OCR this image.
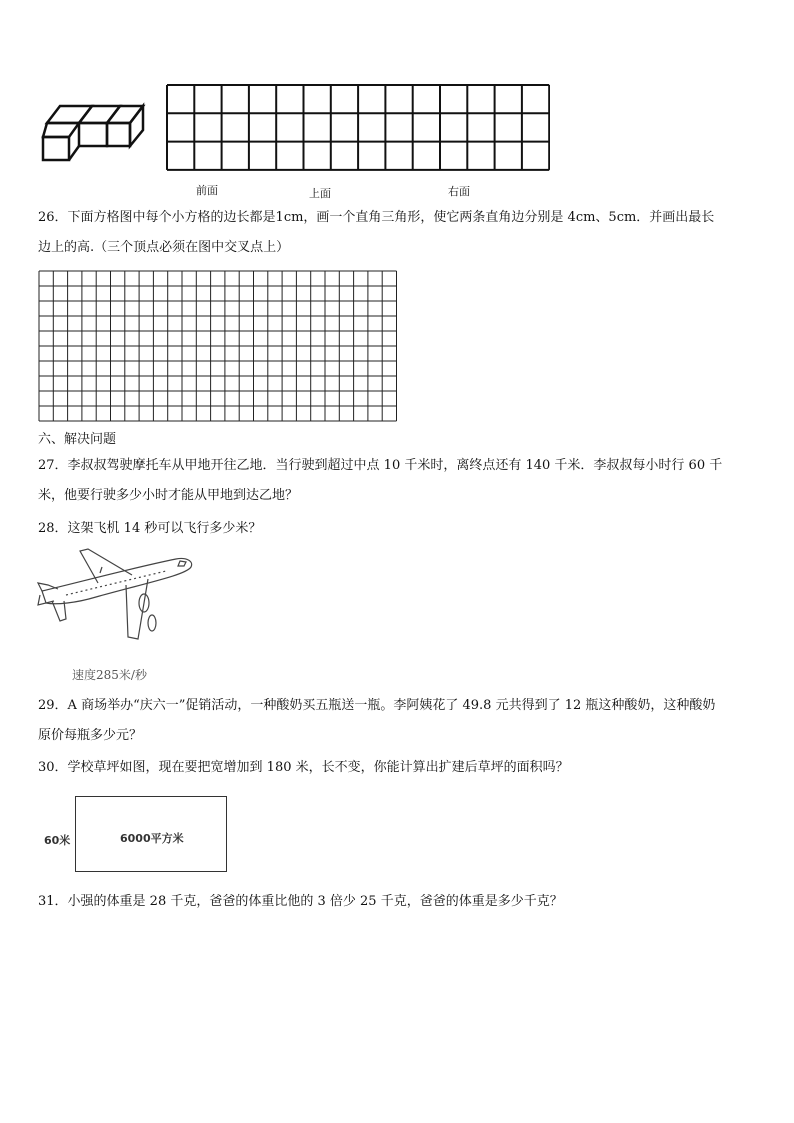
前面	上面	右面
26．下面方格图中每个小方格的边长都是1cm，画一个直角三角形，使它两条直角边分别是 4cm、5cm．并画出最长
边上的高.（三个顶点必须在图中交叉点上）
六、解决问题
27．李叔叔驾驶摩托车从甲地开往乙地．当行驶到超过中点 10 千米时，离终点还有 140 千米．李叔叔每小时行 60 千
米，他要行驶多少小时才能从甲地到达乙地？
28．这架飞机 14 秒可以飞行多少米？
速度285米/秒
29．A 商场举办“庆六一”促销活动，一种酸奶买五瓶送一瓶。李阿姨花了 49.8 元共得到了 12 瓶这种酸奶，这种酸奶
原价每瓶多少元？
30．学校草坪如图，现在要把宽增加到 180 米，长不变，你能计算出扩建后草坪的面积吗？
60米	6000平方米
31．小强的体重是 28 千克，爸爸的体重比他的 3 倍少 25 千克，爸爸的体重是多少千克？
